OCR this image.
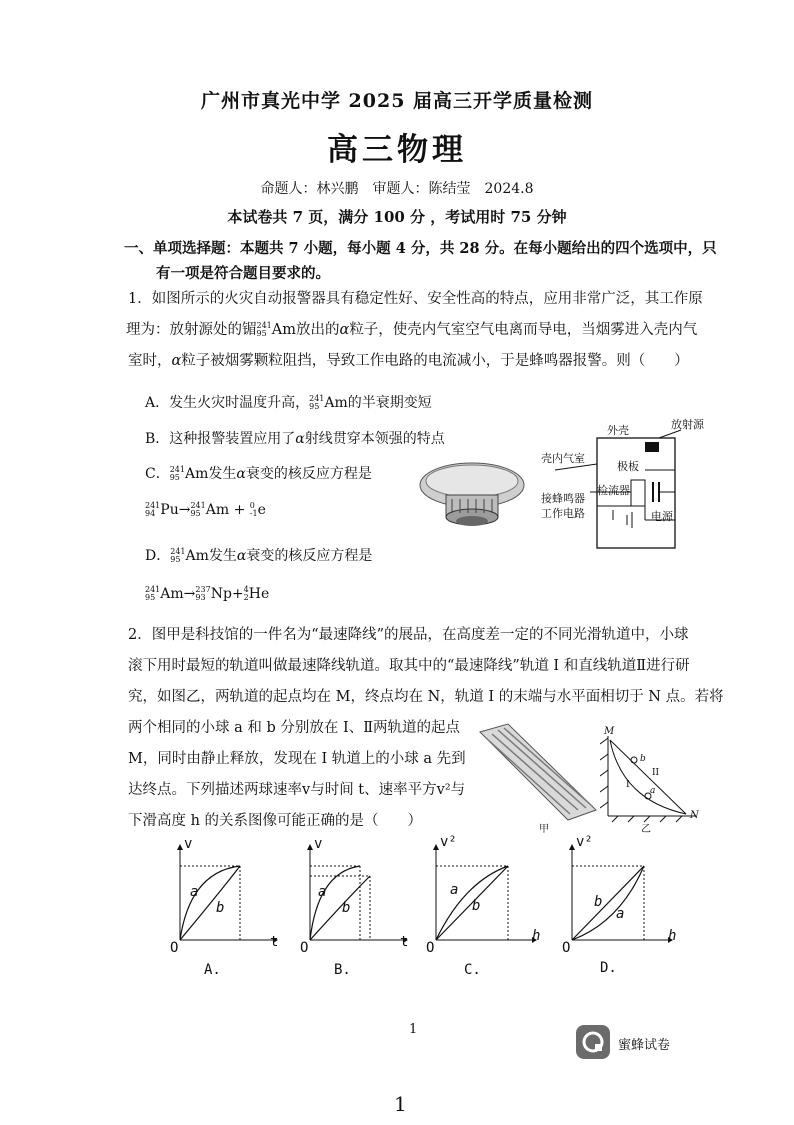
广州市真光中学 2025 届高三开学质量检测
高三物理
命题人：林兴鹏　审题人：陈结莹　2024.8
本试卷共 7 页，满分 100 分 ，考试用时 75 分钟
一、单项选择题：本题共 7 小题，每小题 4 分，共 28 分。在每小题给出的四个选项中，只
有一项是符合题目要求的。
1．如图所示的火灾自动报警器具有稳定性好、安全性高的特点，应用非常广泛，其工作原
理为：放射源处的镅 241
95 Am放出的α粒子，使壳内气室空气电离而导电，当烟雾进入壳内气
室时，α粒子被烟雾颗粒阻挡，导致工作电路的电流减小，于是蜂鸣器报警。则（　　）
A．发生火灾时温度升高， 241
95 Am的半衰期变短
B．这种报警装置应用了α射线贯穿本领强的特点
C． 241
95 Am发生α衰变的核反应方程是
241
94 Pu→ 241
95 Am + 0
-1 e
D． 241
95 Am发生α衰变的核反应方程是
241
95 Am→ 237
93 Np+ 4
2 He
外壳	放射源
壳内气室
极板
检流器
接蜂鸣器
工作电路	电源
2．图甲是科技馆的一件名为“最速降线”的展品，在高度差一定的不同光滑轨道中，小球
滚下用时最短的轨道叫做最速降线轨道。取其中的“最速降线”轨道 I 和直线轨道Ⅱ进行研
究，如图乙，两轨道的起点均在 M，终点均在 N，轨道 I 的末端与水平面相切于 N 点。若将
两个相同的小球 a 和 b 分别放在 I、Ⅱ两轨道的起点
M，同时由静止释放，发现在 I 轨道上的小球 a 先到
达终点。下列描述两球速率v与时间 t、速率平方v²与
下滑高度 h 的关系图像可能正确的是（　　）
甲
M
N
I
II
b
a
乙
v
t
O
a
b
A.
v
t
O
a
b
B.
v²
h
O
a
b
C.
v²
h
O
b
a
D.
1
蜜蜂试卷
1
